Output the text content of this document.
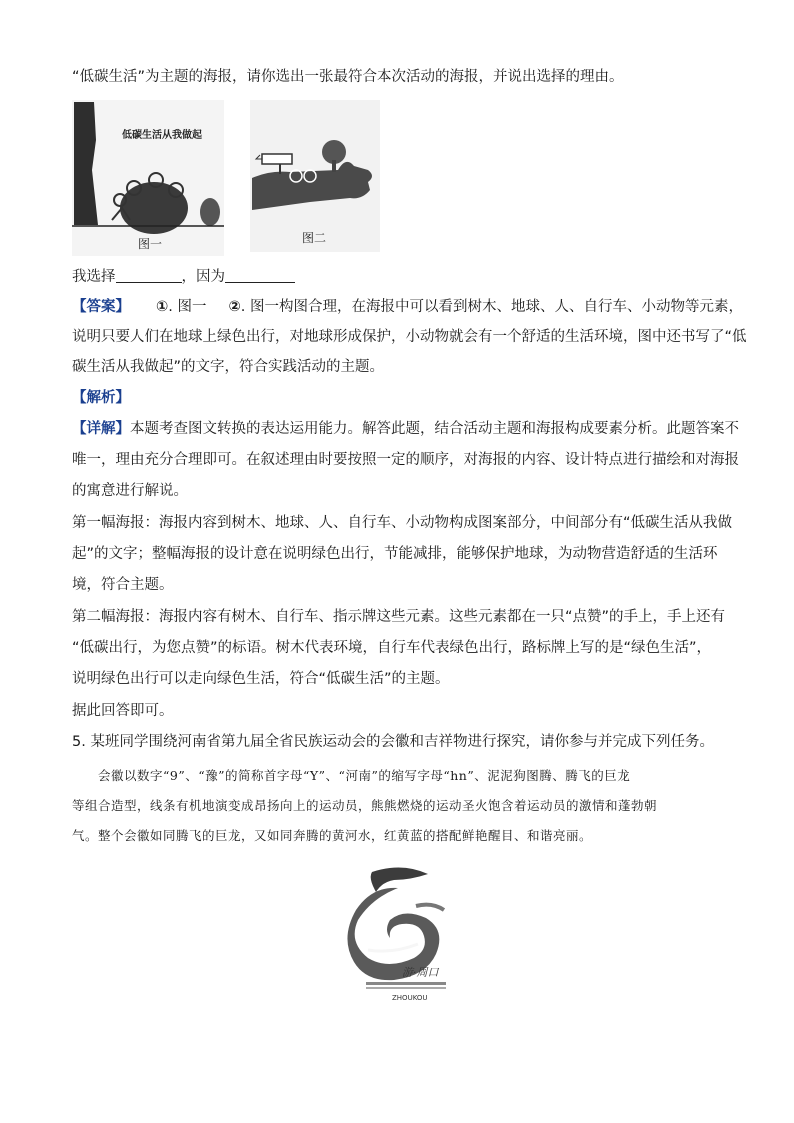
“低碳生活”为主题的海报，请你选出一张最符合本次活动的海报，并说出选择的理由。
低碳生活从我做起
图一	图二
我选择	，因为
【答案】 ①. 图一 ②. 图一构图合理，在海报中可以看到树木、地球、人、自行车、小动物等元素，
说明只要人们在地球上绿色出行，对地球形成保护，小动物就会有一个舒适的生活环境，图中还书写了“低
碳生活从我做起”的文字，符合实践活动的主题。
【解析】
【详解】本题考查图文转换的表达运用能力。解答此题，结合活动主题和海报构成要素分析。此题答案不
唯一，理由充分合理即可。在叙述理由时要按照一定的顺序，对海报的内容、设计特点进行描绘和对海报
的寓意进行解说。
第一幅海报：海报内容到树木、地球、人、自行车、小动物构成图案部分，中间部分有“低碳生活从我做
起”的文字；整幅海报的设计意在说明绿色出行，节能减排，能够保护地球，为动物营造舒适的生活环
境，符合主题。
第二幅海报：海报内容有树木、自行车、指示牌这些元素。这些元素都在一只“点赞”的手上，手上还有
“低碳出行，为您点赞”的标语。树木代表环境，自行车代表绿色出行，路标牌上写的是“绿色生活”，
说明绿色出行可以走向绿色生活，符合“低碳生活”的主题。
据此回答即可。
5. 某班同学围绕河南省第九届全省民族运动会的会徽和吉祥物进行探究，请你参与并完成下列任务。
会徽以数字“9”、“豫”的简称首字母“Y”、“河南”的缩写字母“hn”、泥泥狗图腾、腾飞的巨龙
等组合造型，线条有机地演变成昂扬向上的运动员，熊熊燃烧的运动圣火饱含着运动员的激情和蓬勃朝
气。整个会徽如同腾飞的巨龙，又如同奔腾的黄河水，红黄蓝的搭配鲜艳醒目、和谐亮丽。
游·周口
ZHOUKOU
